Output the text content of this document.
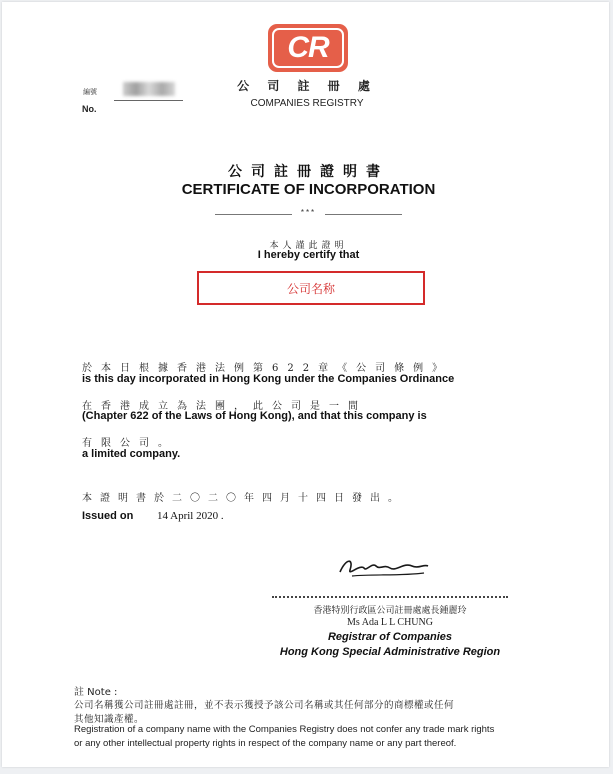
CR
公 司 註 冊 處
COMPANIES REGISTRY
編號
No.
公司註冊證明書
CERTIFICATE OF INCORPORATION
***
本人謹此證明
I hereby certify that
公司名称
於本日根據香港法例第622章《公司條例》
is this day incorporated in Hong Kong under the Companies Ordinance
在香港成立為法團，此公司是一間
(Chapter 622 of the Laws of Hong Kong), and that this company is
有限公司。
a limited company.
本證明書於二〇二〇年四月十四日發出。
Issued on 14 April 2020 .
香港特別行政區公司註冊處處長鍾麗玲
Ms Ada L L CHUNG
Registrar of Companies
Hong Kong Special Administrative Region
註 Note :
公司名稱獲公司註冊處註冊，並不表示獲授予該公司名稱或其任何部分的商標權或任何
其他知識產權。
Registration of a company name with the Companies Registry does not confer any trade mark rights
or any other intellectual property rights in respect of the company name or any part thereof.
